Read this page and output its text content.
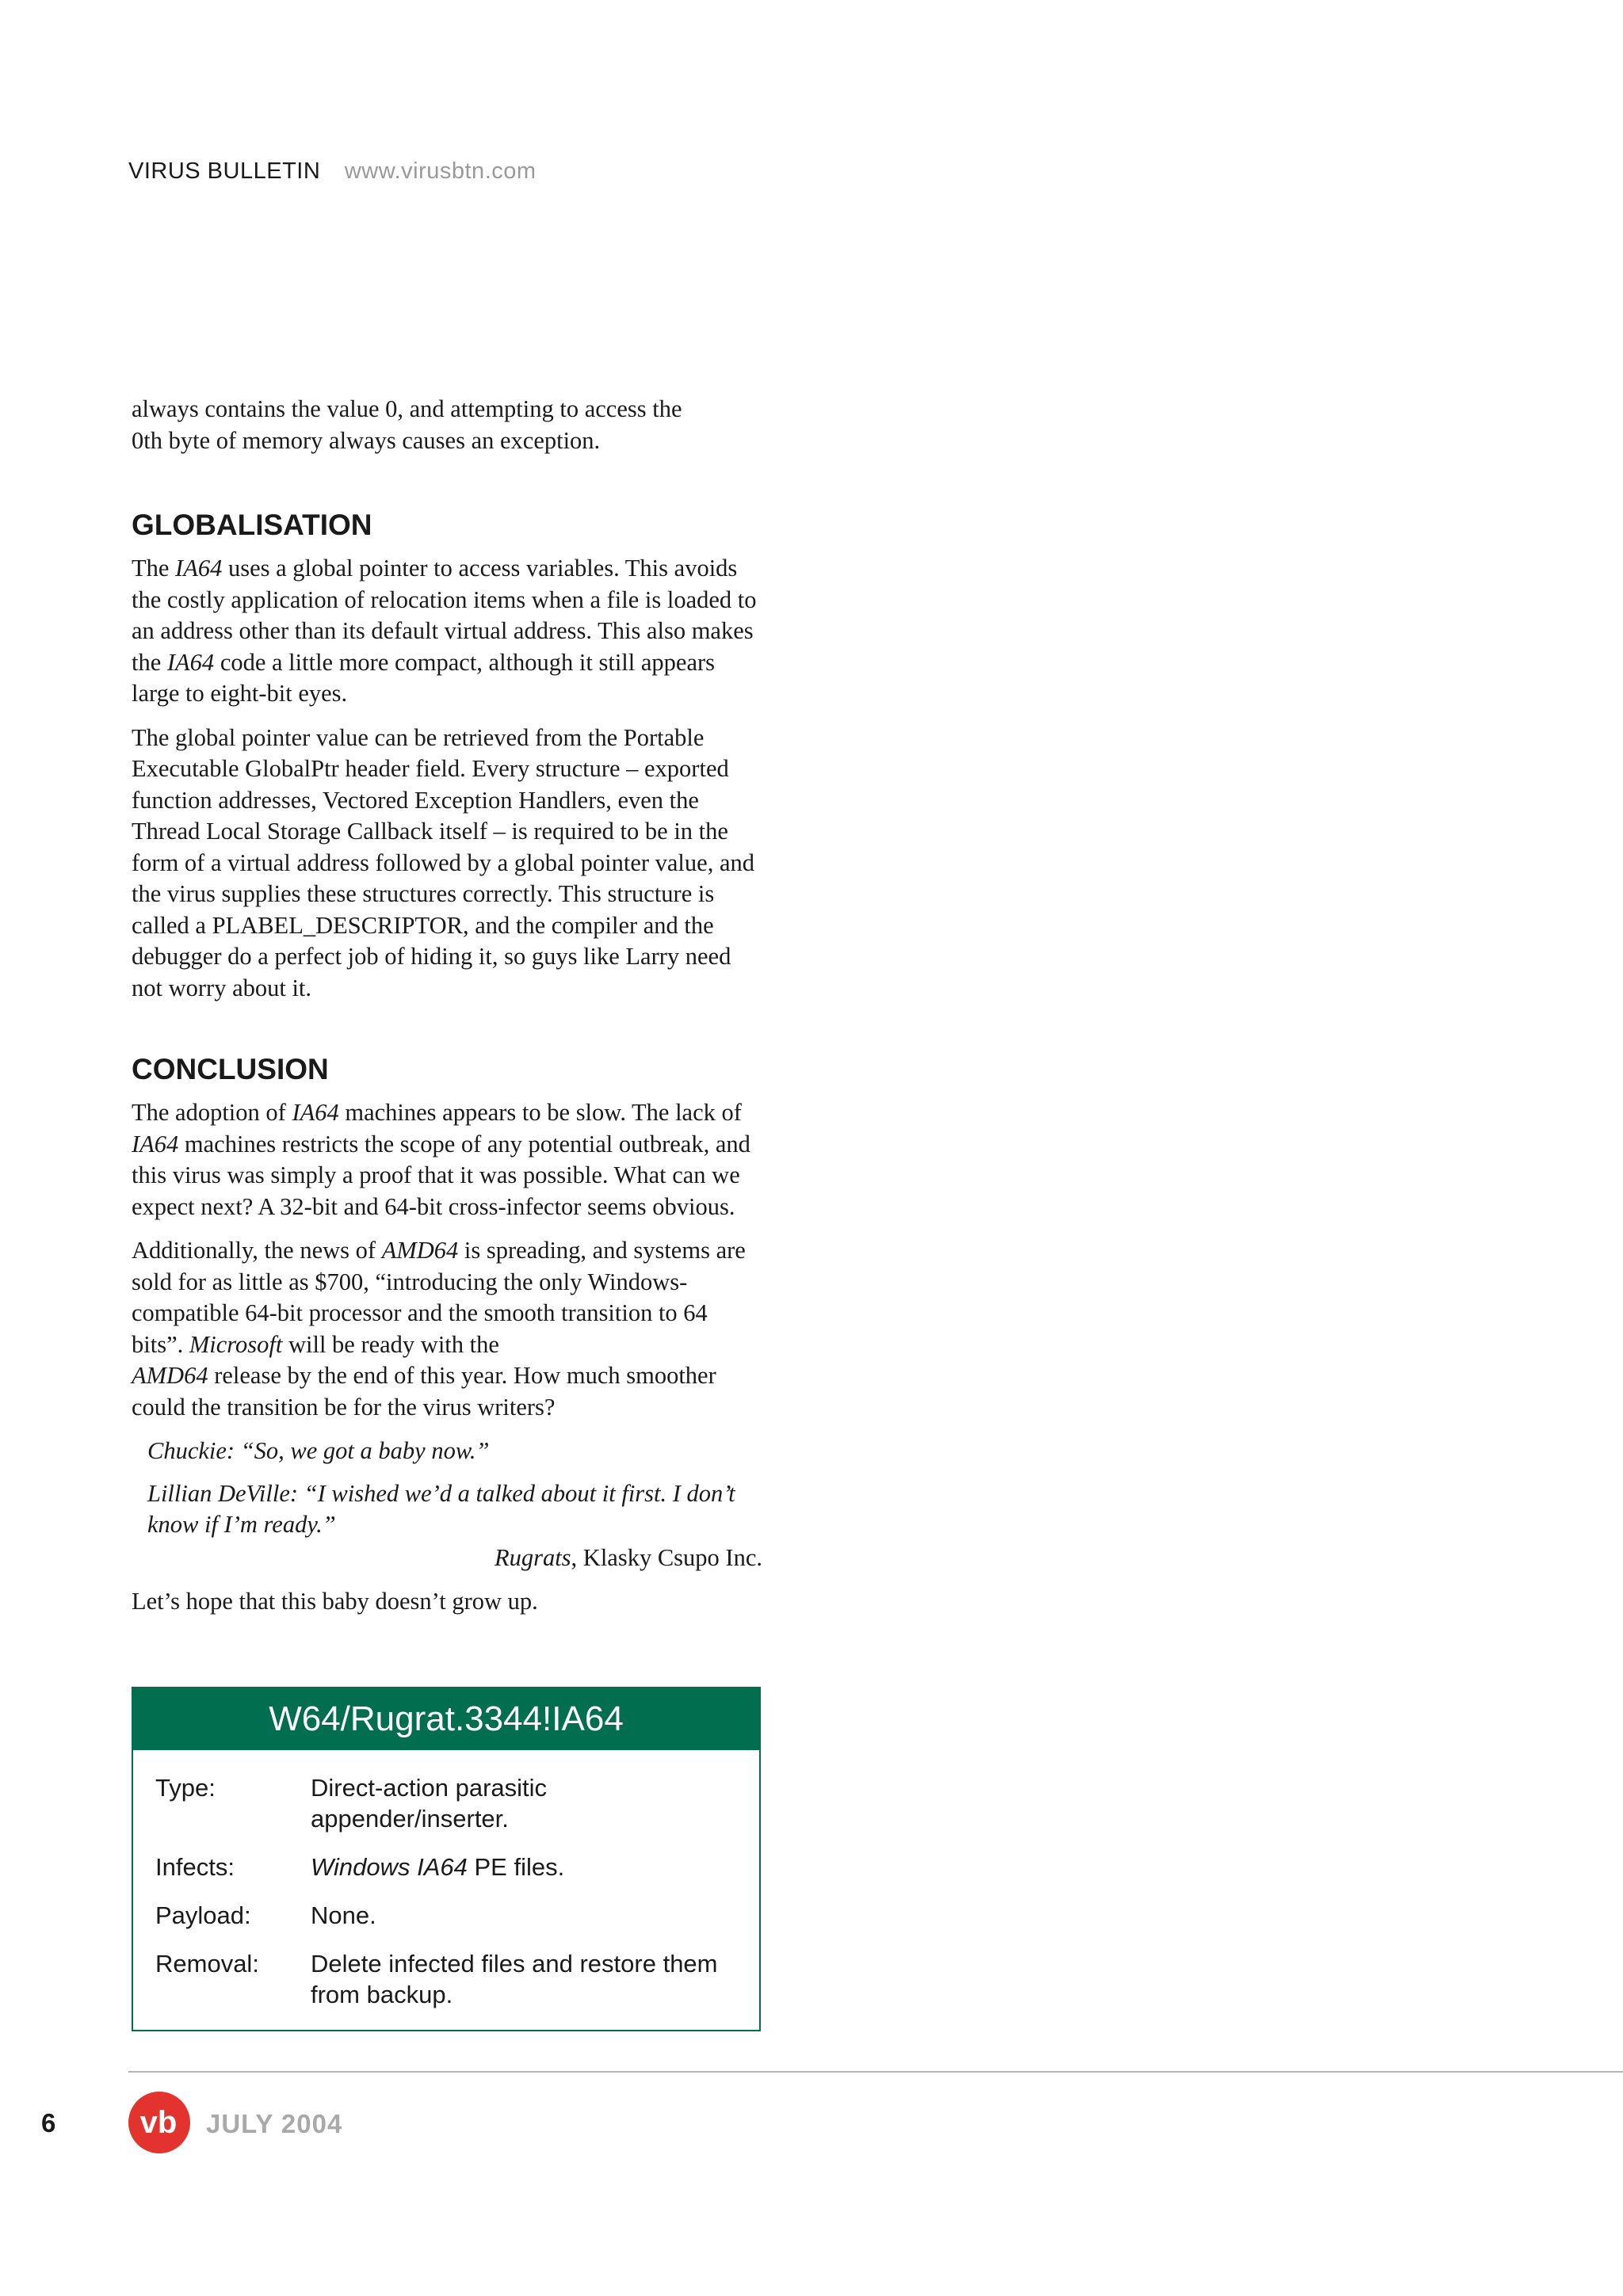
VIRUS BULLETIN www.virusbtn.com

always contains the value 0, and attempting to access the
0th byte of memory always causes an exception.

GLOBALISATION

The IA64 uses a global pointer to access variables. This avoids the costly application of relocation items when a file is loaded to an address other than its default virtual address. This also makes the IA64 code a little more compact, although it still appears large to eight-bit eyes.

The global pointer value can be retrieved from the Portable Executable GlobalPtr header field. Every structure – exported function addresses, Vectored Exception Handlers, even the Thread Local Storage Callback itself – is required to be in the form of a virtual address followed by a global pointer value, and the virus supplies these structures correctly. This structure is called a PLABEL_DESCRIPTOR, and the compiler and the debugger do a perfect job of hiding it, so guys like Larry need not worry about it.

CONCLUSION

The adoption of IA64 machines appears to be slow. The lack of IA64 machines restricts the scope of any potential outbreak, and this virus was simply a proof that it was possible. What can we expect next? A 32-bit and 64-bit cross-infector seems obvious.

Additionally, the news of AMD64 is spreading, and systems are sold for as little as $700, “introducing the only Windows-compatible 64-bit processor and the smooth transition to 64 bits”. Microsoft will be ready with the
AMD64 release by the end of this year. How much smoother could the transition be for the virus writers?

Chuckie: “So, we got a baby now.”
Lillian DeVille: “I wished we’d a talked about it first. I don’t know if I’m ready.”
Rugrats, Klasky Csupo Inc.

Let’s hope that this baby doesn’t grow up.

W64/Rugrat.3344!IA64
Type:	Direct-action parasitic appender/inserter.
Infects:	Windows IA64 PE files.
Payload:	None.
Removal:	Delete infected files and restore them from backup.
6	vb JULY 2004
